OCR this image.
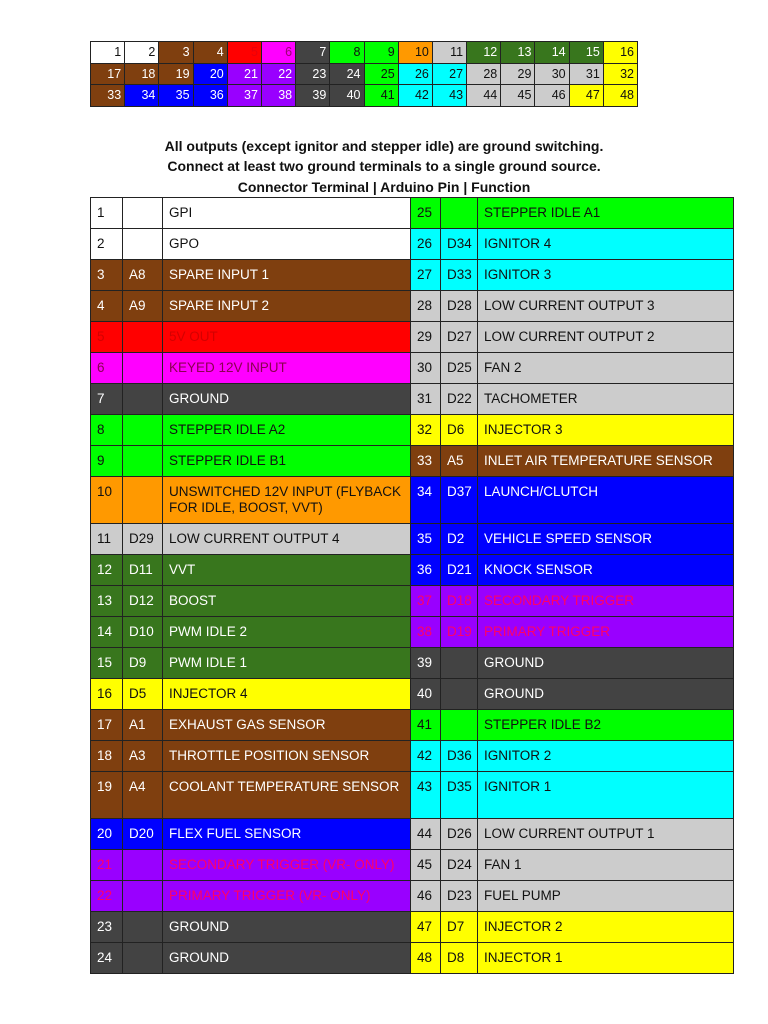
1	2	3	4	5	6	7	8	9	10	11	12	13	14	15	16
17	18	19	20	21	22	23	24	25	26	27	28	29	30	31	32
33	34	35	36	37	38	39	40	41	42	43	44	45	46	47	48
All outputs (except ignitor and stepper idle) are ground switching.
Connect at least two ground terminals to a single ground source.
Connector Terminal | Arduino Pin | Function
1		GPI	25		STEPPER IDLE A1
2		GPO	26	D34	IGNITOR 4
3	A8	SPARE INPUT 1	27	D33	IGNITOR 3
4	A9	SPARE INPUT 2	28	D28	LOW CURRENT OUTPUT 3
5		5V OUT	29	D27	LOW CURRENT OUTPUT 2
6		KEYED 12V INPUT	30	D25	FAN 2
7		GROUND	31	D22	TACHOMETER
8		STEPPER IDLE A2	32	D6	INJECTOR 3
9		STEPPER IDLE B1	33	A5	INLET AIR TEMPERATURE SENSOR
10		UNSWITCHED 12V INPUT (FLYBACK FOR IDLE, BOOST, VVT)	34	D37	LAUNCH/CLUTCH
11	D29	LOW CURRENT OUTPUT 4	35	D2	VEHICLE SPEED SENSOR
12	D11	VVT	36	D21	KNOCK SENSOR
13	D12	BOOST	37	D18	SECONDARY TRIGGER
14	D10	PWM IDLE 2	38	D19	PRIMARY TRIGGER
15	D9	PWM IDLE 1	39		GROUND
16	D5	INJECTOR 4	40		GROUND
17	A1	EXHAUST GAS SENSOR	41		STEPPER IDLE B2
18	A3	THROTTLE POSITION SENSOR	42	D36	IGNITOR 2
19	A4	COOLANT TEMPERATURE SENSOR	43	D35	IGNITOR 1
20	D20	FLEX FUEL SENSOR	44	D26	LOW CURRENT OUTPUT 1
21		SECONDARY TRIGGER (VR- ONLY)	45	D24	FAN 1
22		PRIMARY TRIGGER (VR- ONLY)	46	D23	FUEL PUMP
23		GROUND	47	D7	INJECTOR 2
24		GROUND	48	D8	INJECTOR 1
